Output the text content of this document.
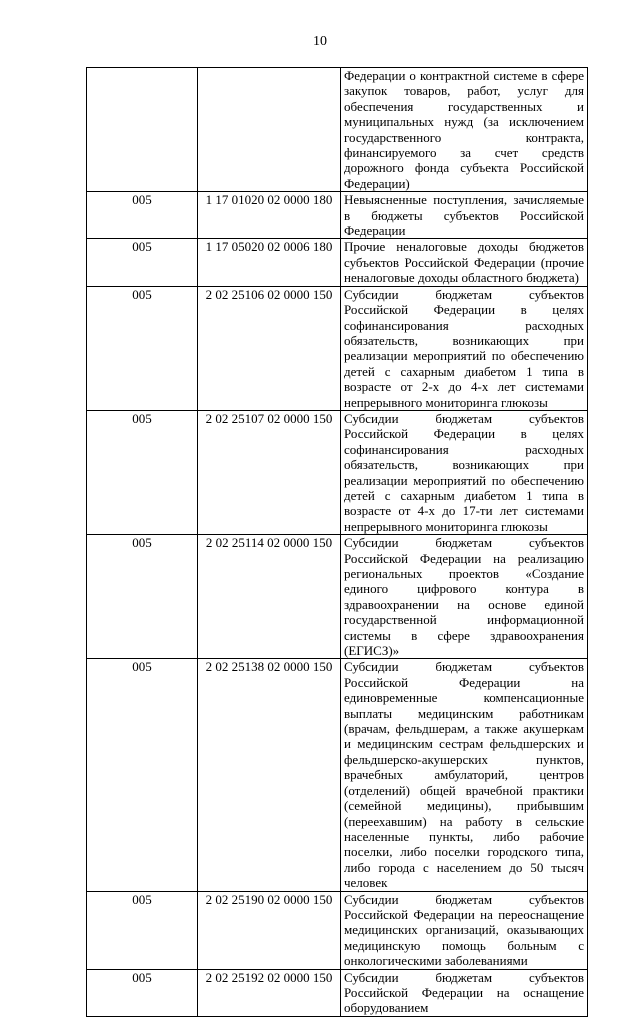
10
		Федерации о контрактной системе в сфере закупок товаров, работ, услуг для обеспечения государственных и муниципальных нужд (за исключением государственного контракта, финансируемого за счет средств дорожного фонда субъекта Российской Федерации)
005	1 17 01020 02 0000 180	Невыясненные поступления, зачисляемые в бюджеты субъектов Российской Федерации
005	1 17 05020 02 0006 180	Прочие неналоговые доходы бюджетов субъектов Российской Федерации (прочие неналоговые доходы областного бюджета)
005	2 02 25106 02 0000 150	Субсидии бюджетам субъектов Российской Федерации в целях софинансирования расходных обязательств, возникающих при реализации мероприятий по обеспечению детей с сахарным диабетом 1 типа в возрасте от 2-х до 4-х лет системами непрерывного мониторинга глюкозы
005	2 02 25107 02 0000 150	Субсидии бюджетам субъектов Российской Федерации в целях софинансирования расходных обязательств, возникающих при реализации мероприятий по обеспечению детей с сахарным диабетом 1 типа в возрасте от 4-х до 17-ти лет системами непрерывного мониторинга глюкозы
005	2 02 25114 02 0000 150	Субсидии бюджетам субъектов Российской Федерации на реализацию региональных проектов «Создание единого цифрового контура в здравоохранении на основе единой государственной информационной системы в сфере здравоохранения (ЕГИСЗ)»
005	2 02 25138 02 0000 150	Субсидии бюджетам субъектов Российской Федерации на единовременные компенсационные выплаты медицинским работникам (врачам, фельдшерам, а также акушеркам и медицинским сестрам фельдшерских и фельдшерско-акушерских пунктов, врачебных амбулаторий, центров (отделений) общей врачебной практики (семейной медицины), прибывшим (переехавшим) на работу в сельские населенные пункты, либо рабочие поселки, либо поселки городского типа, либо города с населением до 50 тысяч человек
005	2 02 25190 02 0000 150	Субсидии бюджетам субъектов Российской Федерации на переоснащение медицинских организаций, оказывающих медицинскую помощь больным с онкологическими заболеваниями
005	2 02 25192 02 0000 150	Субсидии бюджетам субъектов Российской Федерации на оснащение оборудованием
